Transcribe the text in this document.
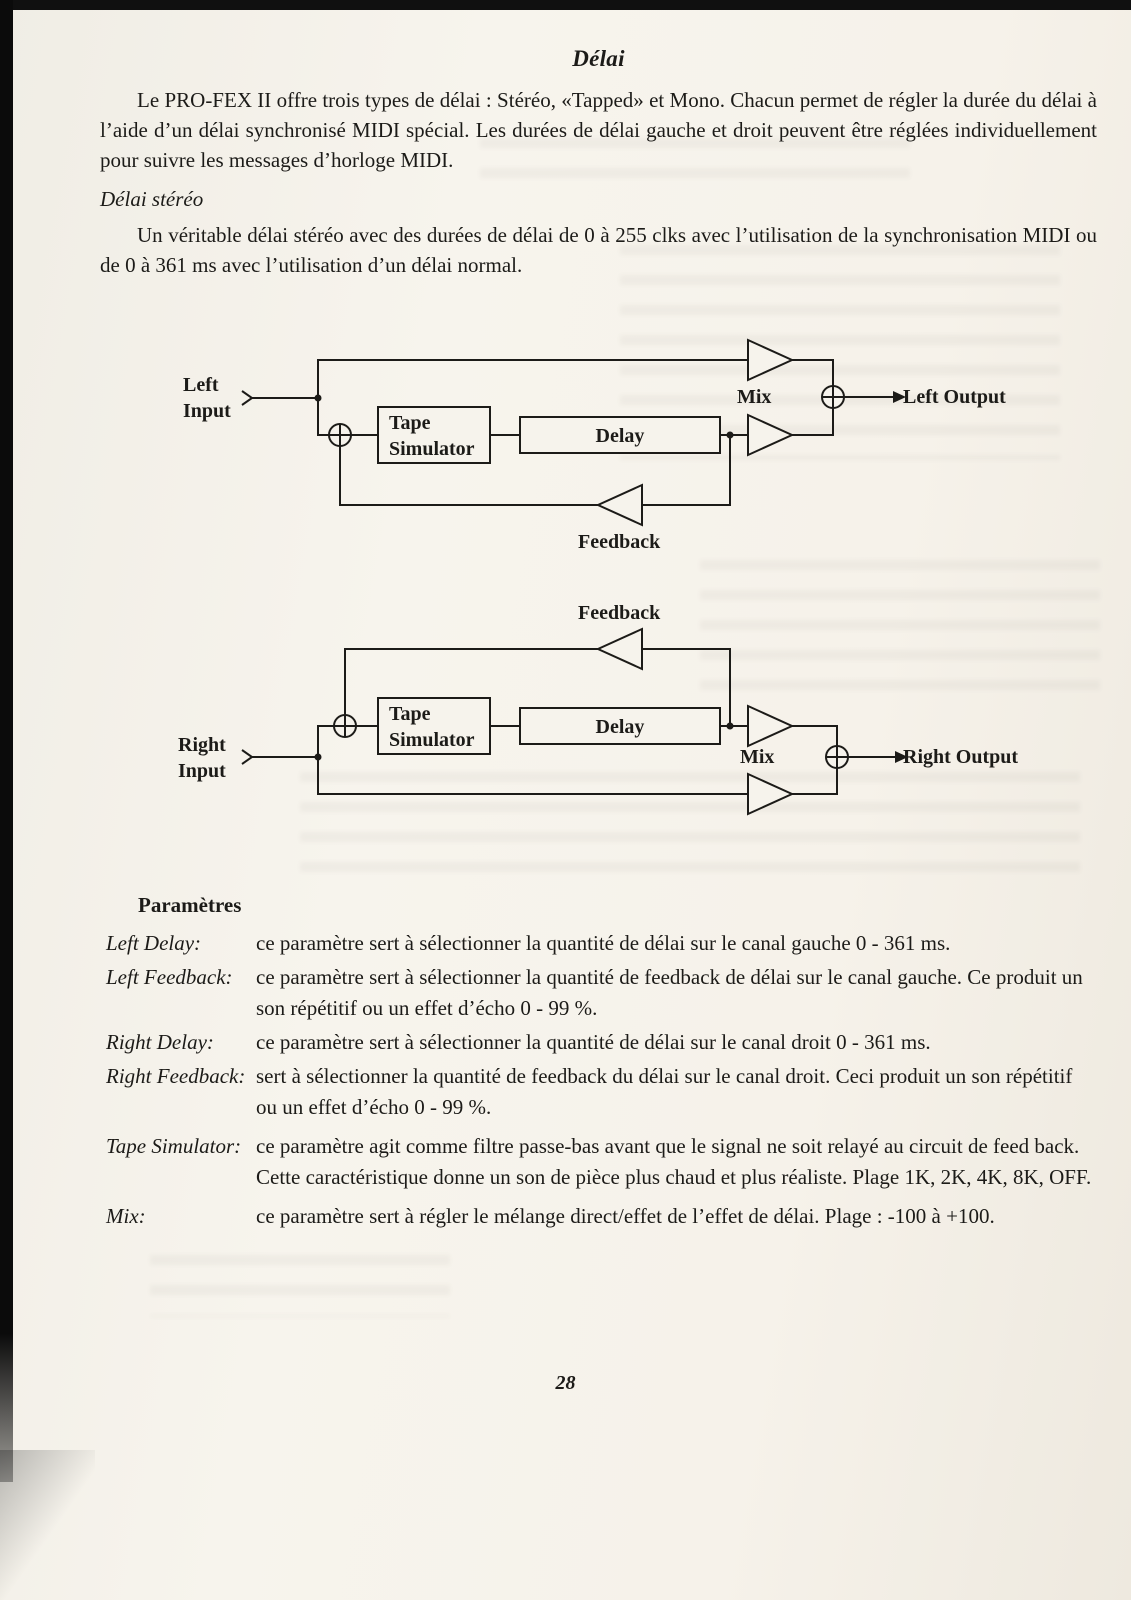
Délai

Le PRO-FEX II offre trois types de délai : Stéréo, «Tapped» et Mono. Chacun permet de régler la durée du délai à l’aide d’un délai synchronisé MIDI spécial. Les durées de délai gauche et droit peuvent être réglées individuellement pour suivre les messages d’horloge MIDI.

Délai stéréo

Un véritable délai stéréo avec des durées de délai de 0 à 255 clks avec l’utilisation de la synchronisation MIDI ou de 0 à 361 ms avec l’utilisation d’un délai normal.

Left
Input
Tape
Simulator
Delay
Mix	Left Output
Feedback
Feedback
Right
Input
Tape
Simulator
Delay
Mix	Right Output
Paramètres
Left Delay:	ce paramètre sert à sélectionner la quantité de délai sur le canal gauche 0 - 361 ms.
Left Feedback:	ce paramètre sert à sélectionner la quantité de feedback de délai sur le canal gauche. Ce produit un son répétitif ou un effet d’écho 0 - 99 %.
Right Delay:	ce paramètre sert à sélectionner la quantité de délai sur le canal droit 0 - 361 ms.
Right Feedback: sert à sélectionner la quantité de feedback du délai sur le canal droit. Ceci produit un son répétitif ou un effet d’écho 0 - 99 %.
Tape Simulator: ce paramètre agit comme filtre passe-bas avant que le signal ne soit relayé au circuit de feed back. Cette caractéristique donne un son de pièce plus chaud et plus réaliste. Plage 1K, 2K, 4K, 8K, OFF.
Mix:	ce paramètre sert à régler le mélange direct/effet de l’effet de délai. Plage : -100 à +100.
28
